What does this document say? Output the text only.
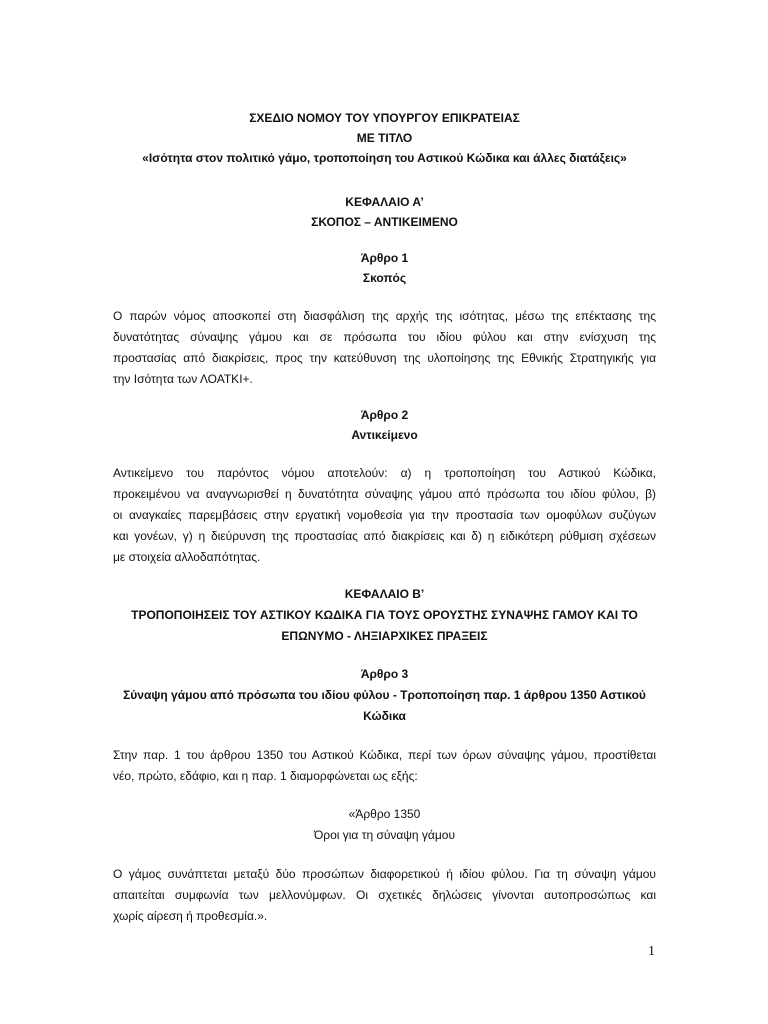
ΣΧΕΔΙΟ ΝΟΜΟΥ ΤΟΥ ΥΠΟΥΡΓΟΥ ΕΠΙΚΡΑΤΕΙΑΣ
ΜΕ ΤΙΤΛΟ
«Ισότητα στον πολιτικό γάμο, τροποποίηση του Αστικού Κώδικα και άλλες διατάξεις»
ΚΕΦΑΛΑΙΟ Α’
ΣΚΟΠΟΣ – ΑΝΤΙΚΕΙΜΕΝΟ
Άρθρο 1
Σκοπός
Ο παρών νόμος αποσκοπεί στη διασφάλιση της αρχής της ισότητας, μέσω της επέκτασης της
δυνατότητας σύναψης γάμου και σε πρόσωπα του ιδίου φύλου και στην ενίσχυση της
προστασίας από διακρίσεις, προς την κατεύθυνση της υλοποίησης της Εθνικής Στρατηγικής για
την Ισότητα των ΛΟΑΤΚΙ+.
Άρθρο 2
Αντικείμενο
Αντικείμενο του παρόντος νόμου αποτελούν: α) η τροποποίηση του Αστικού Κώδικα,
προκειμένου να αναγνωρισθεί η δυνατότητα σύναψης γάμου από πρόσωπα του ιδίου φύλου, β)
οι αναγκαίες παρεμβάσεις στην εργατική νομοθεσία για την προστασία των ομοφύλων συζύγων
και γονέων, γ) η διεύρυνση της προστασίας από διακρίσεις και δ) η ειδικότερη ρύθμιση σχέσεων
με στοιχεία αλλοδαπότητας.
ΚΕΦΑΛΑΙΟ Β’
ΤΡΟΠΟΠΟΙΗΣΕΙΣ ΤΟΥ ΑΣΤΙΚΟΥ ΚΩΔΙΚΑ ΓΙΑ ΤΟΥΣ ΟΡΟΥΣΤΗΣ ΣΥΝΑΨΗΣ ΓΑΜΟΥ ΚΑΙ ΤΟ
ΕΠΩΝΥΜΟ - ΛΗΞΙΑΡΧΙΚΕΣ ΠΡΑΞΕΙΣ
Άρθρο 3
Σύναψη γάμου από πρόσωπα του ιδίου φύλου - Τροποποίηση παρ. 1 άρθρου 1350 Αστικού
Κώδικα
Στην παρ. 1 του άρθρου 1350 του Αστικού Κώδικα, περί των όρων σύναψης γάμου, προστίθεται
νέο, πρώτο, εδάφιο, και η παρ. 1 διαμορφώνεται ως εξής:
«Άρθρο 1350
Όροι για τη σύναψη γάμου
Ο γάμος συνάπτεται μεταξύ δύο προσώπων διαφορετικού ή ιδίου φύλου. Για τη σύναψη γάμου
απαιτείται συμφωνία των μελλονύμφων. Οι σχετικές δηλώσεις γίνονται αυτοπροσώπως και
χωρίς αίρεση ή προθεσμία.».
1
